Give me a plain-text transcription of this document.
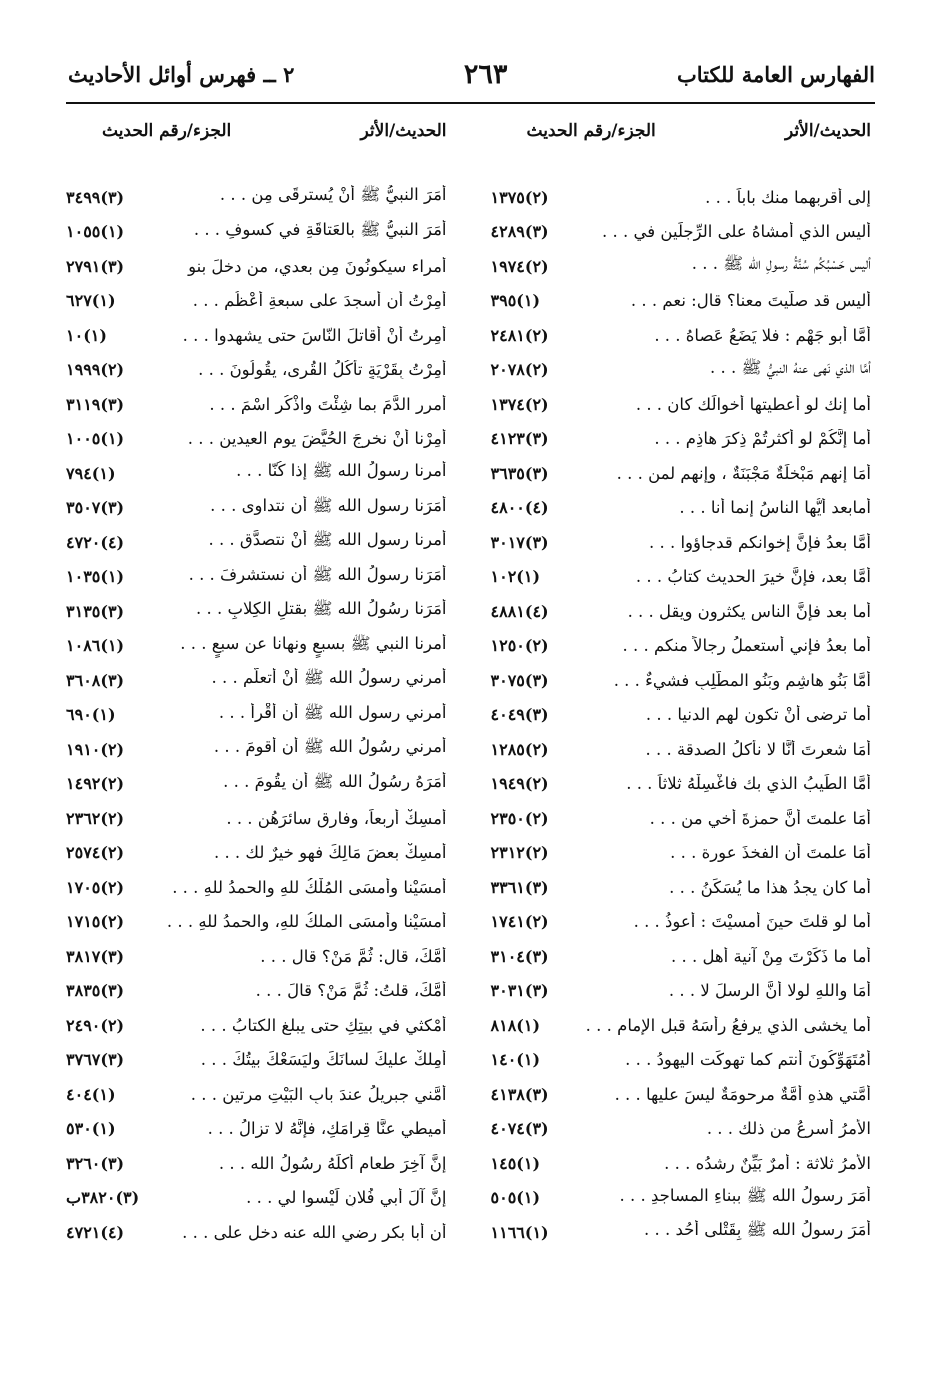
الفهارس العامة للكتاب
٢٦٣
٢ ــ فهرس أوائل الأحاديث
الحديث/الأثر
الجزء/رقم الحديث
إلى أقربهما منك باباً . . .
(٢)١٣٧٥
أليس الذي أمشاهُ على الرِّجلَين في . . .
(٣)٤٢٨٩
أليس حَسْبُكُم سُنَّةُ رسولِ الله ﷺ . . .
(٢)١٩٧٤
أليس قد صلَّيتَ معنا؟ قال: نعم . . .
(١)٣٩٥
أمَّا أبو جَهْمٍ : فلا يَضَعُ عَصاهُ . . .
(٢)٢٤٨١
أمَّا الذي نَهى عنهُ النبيُّ ﷺ . . .
(٢)٢٠٧٨
أما إنك لو أعطيتها أخوالَك كان . . .
(٢)١٣٧٤
أما إنَّكُمْ لو أكثرتُمْ ذِكرَ هاذِمِ . . .
(٣)٤١٢٣
أمَا إنهم مَبْخلَةٌ مَجْبَنَةٌ ، وإنهم لمن . . .
(٣)٣٦٣٥
أمابعد أيُّها الناسُ إنما أنا . . .
(٤)٤٨٠٠
أمَّا بعدُ فإنَّ إخوانكم قدجاؤوا . . .
(٣)٣٠١٧
أمَّا بعد، فإنَّ خيرَ الحديث كتابُ . . .
(١)١٠٢
أما بعد فإنَّ الناس يكثرون ويقل . . .
(٤)٤٨٨١
أما بعدُ فإني أستعملُ رجالاً منكم . . .
(٢)١٢٥٠
أمَّا بَنُو هاشِمٍ وبَنُو المطَّلِبِ فشيءٌ . . .
(٣)٣٠٧٥
أما ترضى أنْ تكون لهم الدنيا . . .
(٣)٤٠٤٩
أمَا شعرتَ أنَّا لا نأكلُ الصدقة . . .
(٢)١٢٨٥
أمَّا الطِّيبُ الذي بك فاغْسِلْهُ ثلاثاً . . .
(٢)١٩٤٩
أمَا علمتَ أنَّ حمزةَ أخي من . . .
(٢)٢٣٥٠
أمَا علمتَ أن الفخذَ عورة . . .
(٢)٢٣١٢
أما كان يجدُ هذا ما يُسَكِّنُ . . .
(٣)٣٣٦١
أما لو قلتَ حينَ أمسيْتَ : أعوذُ . . .
(٢)١٧٤١
أما ما ذَكَرْتَ مِنْ آنية أهلِ . . .
(٣)٣١٠٤
أمَا واللهِ لولا أنَّ الرسلَ لا . . .
(٣)٣٠٣١
أما يخشى الذي يرفعُ رأسَهُ قبل الإمام . . .
(١)٨١٨
أمُتَهَوِّكُونَ أنتم كما تهوكَت اليهودُ . . .
(١)١٤٠
أُمَّتي هذهِ أُمَّةٌ مرحومَةٌ ليسَ عليها . . .
(٣)٤١٣٨
الأمرُ أسرعُ من ذلك . . .
(٣)٤٠٧٤
الأمرُ ثلاثة : أمرٌ بَيِّنٌ رشدُه . . .
(١)١٤٥
أمَرَ رسولُ الله ﷺ ببناءِ المساجدِ . . .
(١)٥٠٥
أمَرَ رسولُ الله ﷺ بِقَتْلى أُحُد . . .
(١)١١٦٦
الحديث/الأثر
الجزء/رقم الحديث
أمَرَ النبيُّ ﷺ أنْ يُسترقَى مِن . . .
(٣)٣٤٩٩
أمَرَ النبيُّ ﷺ بالعَتاقَةِ في كسوفِ . . .
(١)١٠٥٥
أمراء سيكونُونَ مِن بعدي، من دخلَ بنو
(٣)٢٧٩١
أُمِرْتُ أن أسجدَ على سبعةِ أعْظُمٍ . . .
(١)٦٢٧
أمِرتُ أنْ أقاتلَ النّاسَ حتى يشهدوا . . .
(١)١٠
أُمِرْتُ بِقَرْيَةٍ تأكُلُ القُرى، يقُولُونَ . . .
(٢)١٩٩٩
أمرِرِ الدَّمَ بما شِئْتَ واذْكُرِ اسْمَ . . .
(٣)٣١١٩
أُمِرْنا أنْ نخرجَ الحُيَّضَ يوم العيدين . . .
(١)١٠٠٥
أمرنا رسولُ الله ﷺ إذا كُنّا . . .
(١)٧٩٤
أمَرَنا رسول الله ﷺ أن نتداوى . . .
(٣)٣٥٠٧
أمرنا رسول الله ﷺ أنْ نتصدَّق . . .
(٤)٤٧٢٠
أمَرَنا رسولُ الله ﷺ أن نستشرفَ . . .
(١)١٠٣٥
أمَرَنا رسُولُ الله ﷺ بقتلِ الكِلابِ . . .
(٣)٣١٣٥
أمرنا النبي ﷺ بسبعٍ ونهانا عن سبعٍ . . .
(١)١٠٨٦
أمرني رسولُ الله ﷺ أنْ أتعلَّم . . .
(٣)٣٦٠٨
أمرني رسول الله ﷺ أن أقْرأ . . .
(١)٦٩٠
أمرني رسُولُ الله ﷺ أن أقومَ . . .
(٢)١٩١٠
أمَرَهُ رسُولُ الله ﷺ أن يقُومَ . . .
(٢)١٤٩٢
أمسِكْ أربعاً، وفارِق سائرَهُن . . .
(٢)٢٣٦٢
أمسِكْ بعضَ مَالِكَ فهو خيرٌ لك . . .
(٢)٢٥٧٤
أمسَيْنا وأمسَى المُلْكُ للهِ والحمدُ للهِ . . .
(٢)١٧٠٥
أمسَيْنا وأمسَى الملكُ للهِ، والحمدُ للهِ . . .
(٢)١٧١٥
أُمَّكَ، قال: ثُمَّ مَنْ؟ قال . . .
(٣)٣٨١٧
أُمَّكَ، قلتُ: ثُمَّ مَنْ؟ قالَ . . .
(٣)٣٨٣٥
أمْكثي في بيتِكِ حتى يبلغ الكتابُ . . .
(٢)٢٤٩٠
أمِلكْ عليكَ لسانَكَ وليَسَعْكَ بيتُكَ . . .
(٣)٣٧٦٧
أمَّني جبريلُ عندَ بابِ البَيْتِ مرتين . . .
(١)٤٠٤
أميطي عنَّا قِرامَكِ، فإنَّهُ لا تزالُ . . .
(١)٥٣٠
إنَّ آخِرَ طعامٍ أكلَهُ رسُولُ الله . . .
(٣)٣٢٦٠
إنَّ آلَ أبي فُلانٍ لَيْسوا لي . . .
(٣)٣٨٢٠ب
أن أبا بكر رضي الله عنه دخل على . . .
(٤)٤٧٢١
